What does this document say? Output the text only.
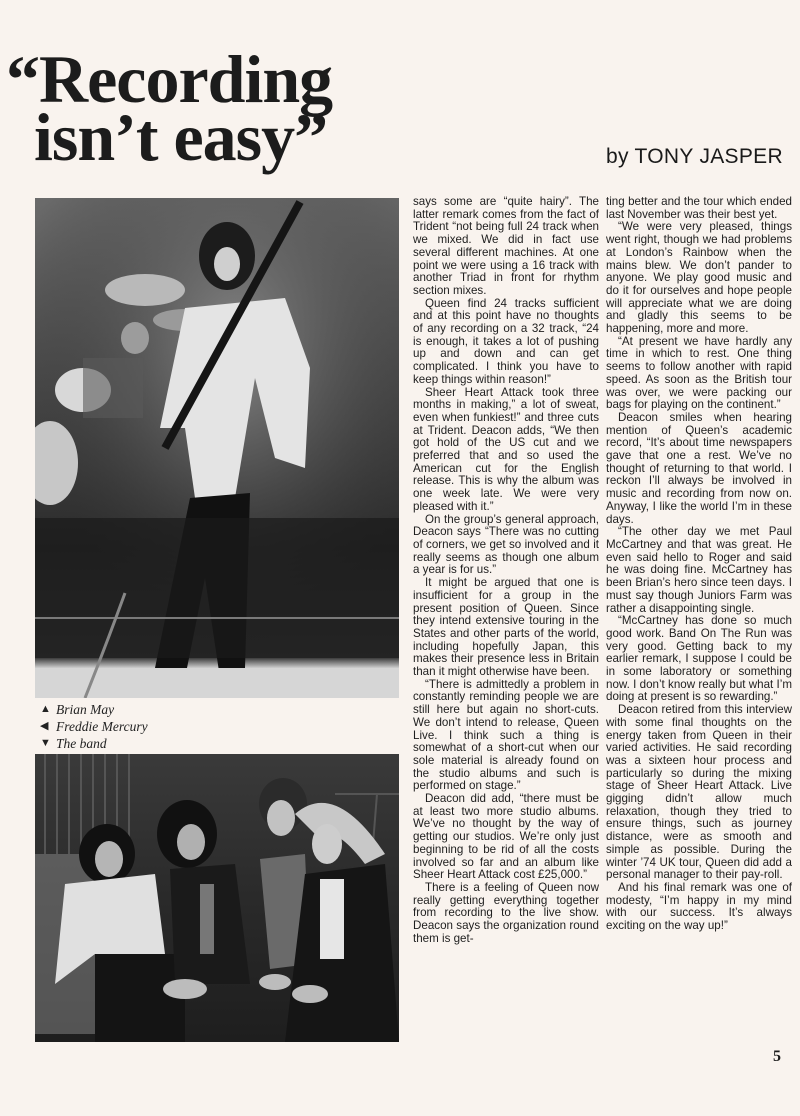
“Recording
isn’t easy”	by TONY JASPER
▲ Brian May
◀ Freddie Mercury
▼ The band

says some are “quite hairy”. The latter remark comes from the fact of Trident “not being full 24 track when we mixed. We did in fact use several different machines. At one point we were using a 16 track with another Triad in front for rhythm section mixes.

Queen find 24 tracks sufficient and at this point have no thoughts of any recording on a 32 track, “24 is enough, it takes a lot of pushing up and down and can get complicated. I think you have to keep things within reason!”

Sheer Heart Attack took three months in making,” a lot of sweat, even when funkiest!” and three cuts at Trident. Deacon adds, “We then got hold of the US cut and we preferred that and so used the American cut for the English release. This is why the album was one week late. We were very pleased with it.”

On the group’s general approach, Deacon says “There was no cutting of corners, we get so involved and it really seems as though one album a year is for us.”

It might be argued that one is insufficient for a group in the present position of Queen. Since they intend extensive touring in the States and other parts of the world, including hopefully Japan, this makes their presence less in Britain than it might otherwise have been.

“There is admittedly a problem in constantly reminding people we are still here but again no short-cuts. We don’t intend to release, Queen Live. I think such a thing is somewhat of a short-cut when our sole material is already found on the studio albums and such is performed on stage.”

Deacon did add, “there must be at least two more studio albums. We’ve no thought by the way of getting our studios. We’re only just beginning to be rid of all the costs involved so far and an album like Sheer Heart Attack cost £25,000.”

There is a feeling of Queen now really getting everything together from recording to the live show. Deacon says the organization round them is get-

ting better and the tour which ended last November was their best yet.

“We were very pleased, things went right, though we had problems at London’s Rainbow when the mains blew. We don’t pander to anyone. We play good music and do it for ourselves and hope people will appreciate what we are doing and gladly this seems to be happening, more and more.

“At present we have hardly any time in which to rest. One thing seems to follow another with rapid speed. As soon as the British tour was over, we were packing our bags for playing on the continent.”

Deacon smiles when hearing mention of Queen’s academic record, “It’s about time newspapers gave that one a rest. We’ve no thought of returning to that world. I reckon I’ll always be involved in music and recording from now on. Anyway, I like the world I’m in these days.

“The other day we met Paul McCartney and that was great. He even said hello to Roger and said he was doing fine. McCartney has been Brian’s hero since teen days. I must say though Juniors Farm was rather a disappointing single.

“McCartney has done so much good work. Band On The Run was very good. Getting back to my earlier remark, I suppose I could be in some laboratory or something now. I don’t know really but what I’m doing at present is so rewarding.”

Deacon retired from this interview with some final thoughts on the energy taken from Queen in their varied activities. He said recording was a sixteen hour process and particularly so during the mixing stage of Sheer Heart Attack. Live gigging didn’t allow much relaxation, though they tried to ensure things, such as journey distance, were as smooth and simple as possible. During the winter ’74 UK tour, Queen did add a personal manager to their pay-roll.

And his final remark was one of modesty, “I’m happy in my mind with our success. It’s always exciting on the way up!”

5
